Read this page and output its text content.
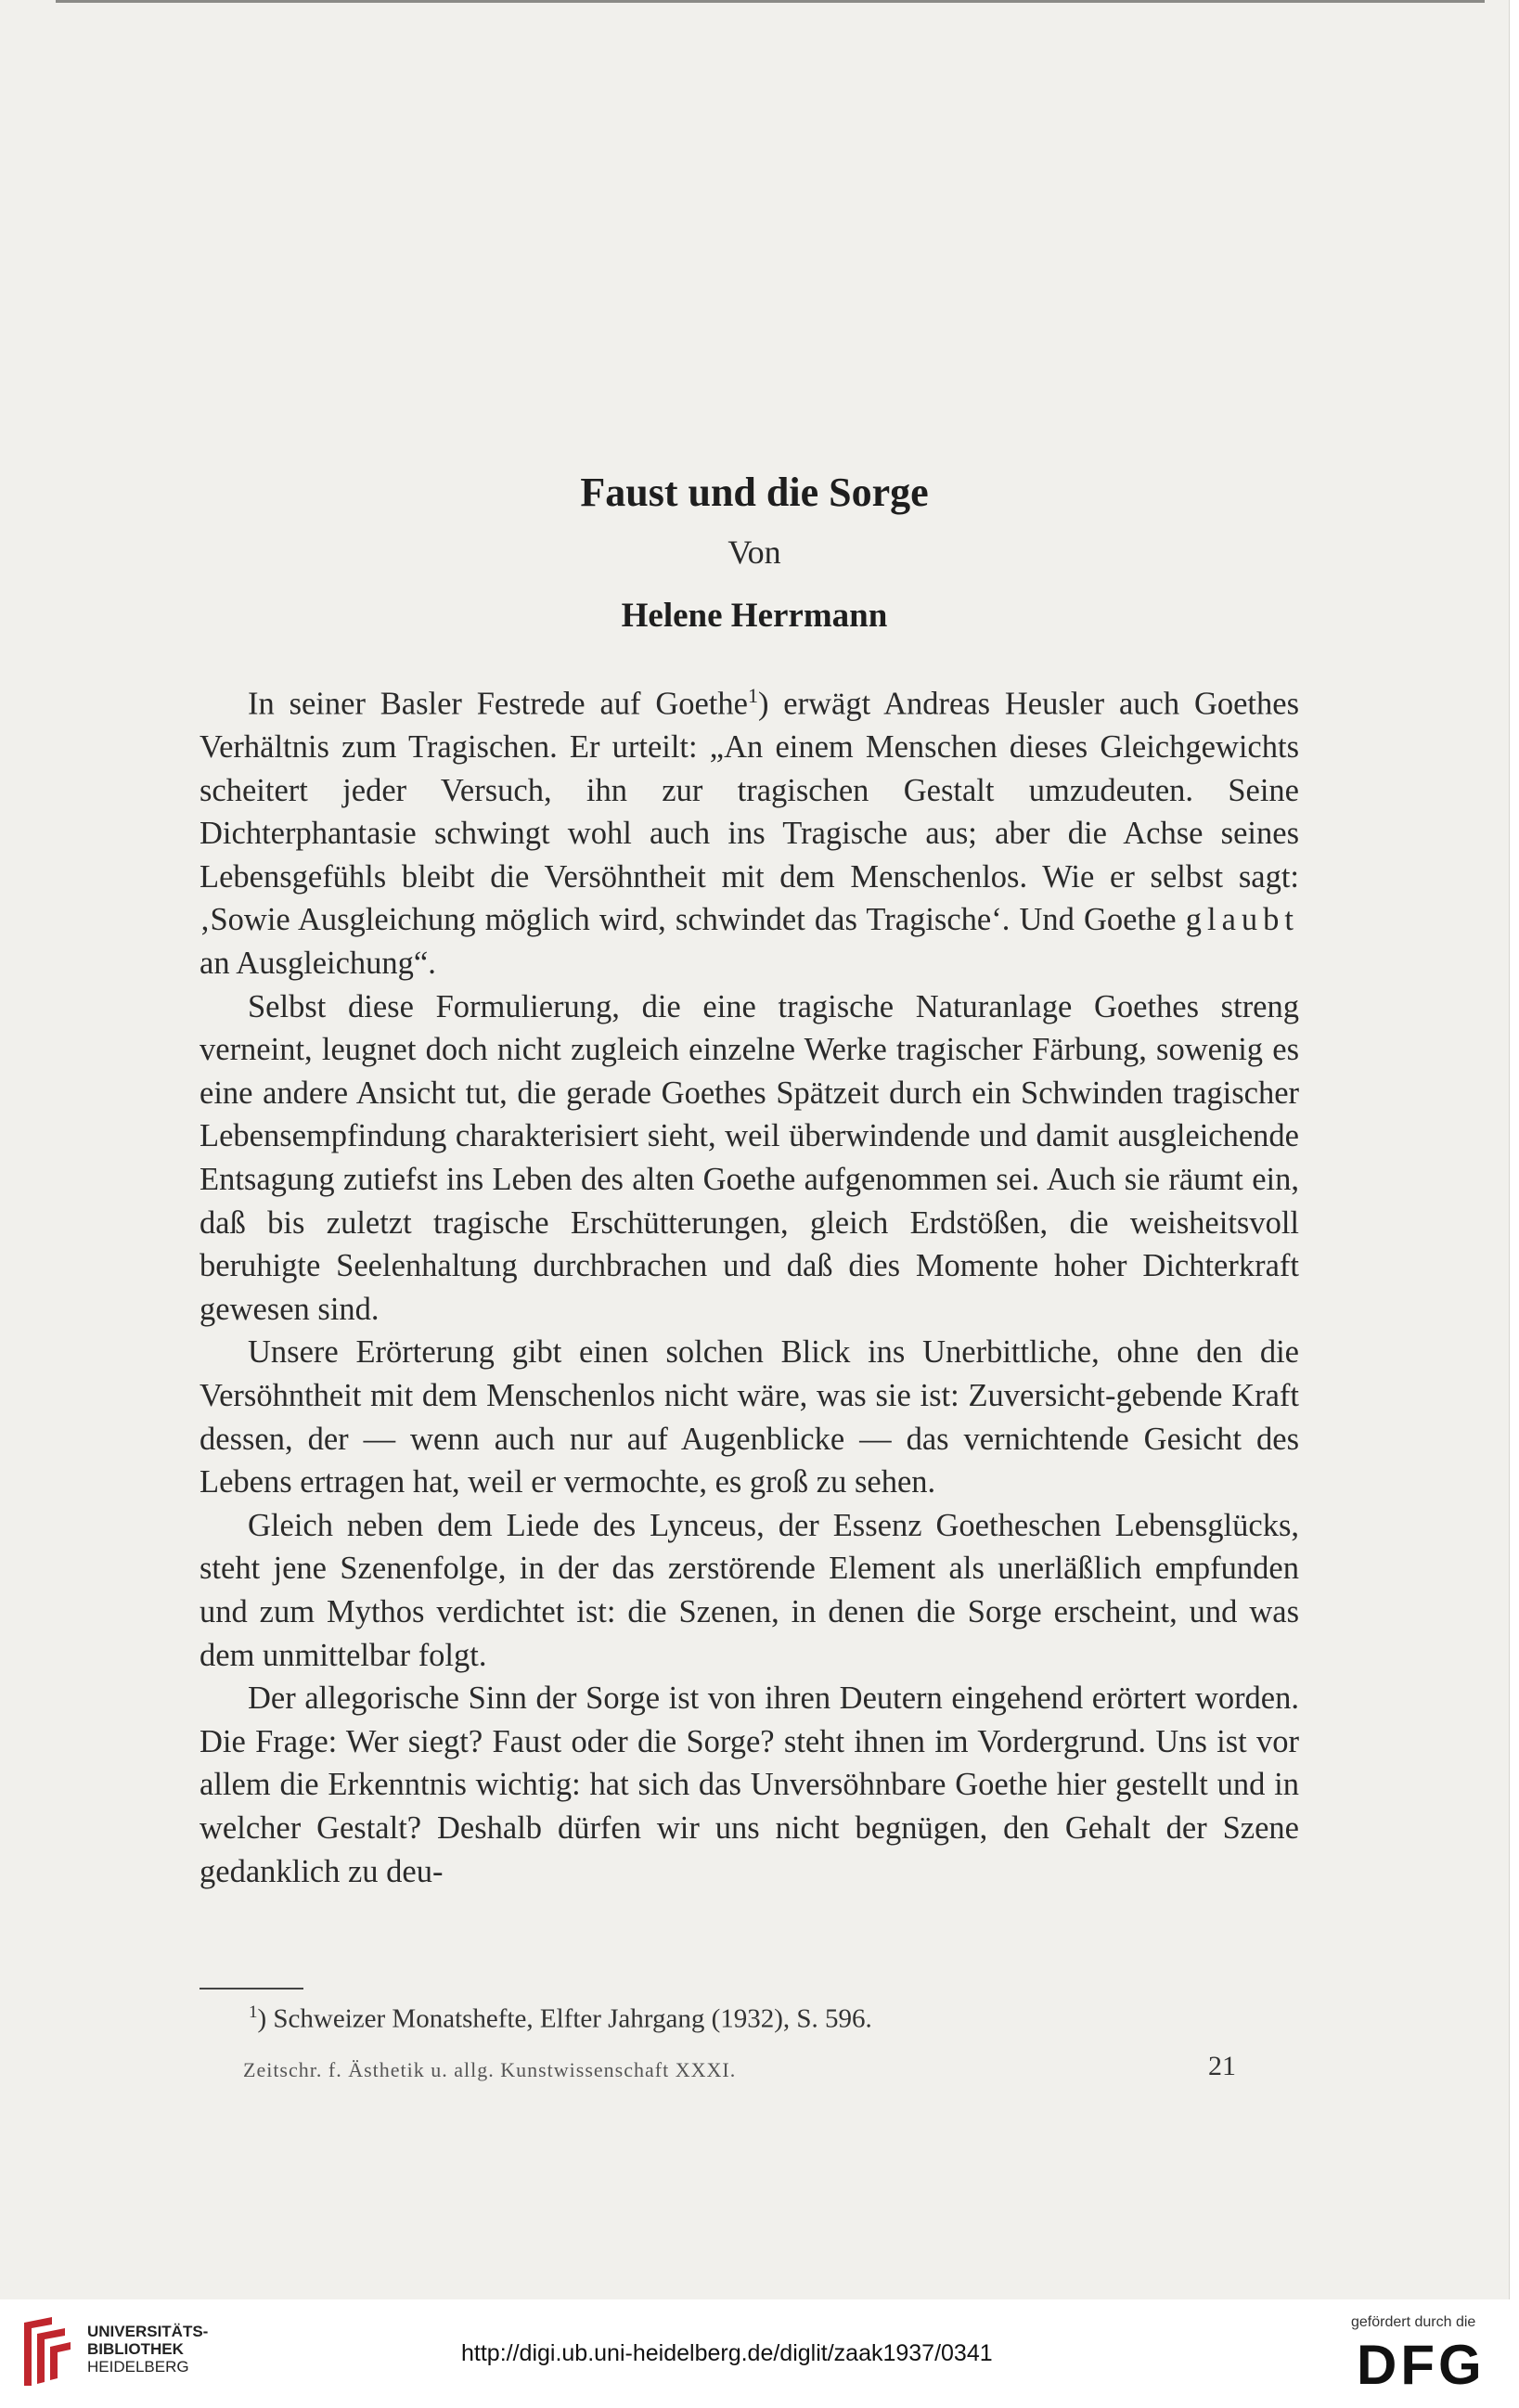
Faust und die Sorge
Von
Helene Herrmann

In seiner Basler Festrede auf Goethe$^1$) erwägt Andreas Heusler auch Goethes Verhältnis zum Tragischen. Er urteilt: „An einem Menschen dieses Gleichgewichts scheitert jeder Versuch, ihn zur tragischen Gestalt umzudeuten. Seine Dichterphantasie schwingt wohl auch ins Tragische aus; aber die Achse seines Lebensgefühls bleibt die Versöhntheit mit dem Menschenlos. Wie er selbst sagt: ‚Sowie Ausgleichung möglich wird, schwindet das Tragische‘. Und Goethe glaubt an Ausgleichung“.

Selbst diese Formulierung, die eine tragische Naturanlage Goethes streng verneint, leugnet doch nicht zugleich einzelne Werke tragischer Färbung, sowenig es eine andere Ansicht tut, die gerade Goethes Spätzeit durch ein Schwinden tragischer Lebensempfindung charakterisiert sieht, weil überwindende und damit ausgleichende Entsagung zutiefst ins Leben des alten Goethe aufgenommen sei. Auch sie räumt ein, daß bis zuletzt tragische Erschütterungen, gleich Erdstößen, die weisheitsvoll beruhigte Seelenhaltung durchbrachen und daß dies Momente hoher Dichterkraft gewesen sind.

Unsere Erörterung gibt einen solchen Blick ins Unerbittliche, ohne den die Versöhntheit mit dem Menschenlos nicht wäre, was sie ist: Zuversicht-gebende Kraft dessen, der — wenn auch nur auf Augenblicke — das vernichtende Gesicht des Lebens ertragen hat, weil er vermochte, es groß zu sehen.

Gleich neben dem Liede des Lynceus, der Essenz Goetheschen Lebensglücks, steht jene Szenenfolge, in der das zerstörende Element als unerläßlich empfunden und zum Mythos verdichtet ist: die Szenen, in denen die Sorge erscheint, und was dem unmittelbar folgt.

Der allegorische Sinn der Sorge ist von ihren Deutern eingehend erörtert worden. Die Frage: Wer siegt? Faust oder die Sorge? steht ihnen im Vordergrund. Uns ist vor allem die Erkenntnis wichtig: hat sich das Unversöhnbare Goethe hier gestellt und in welcher Gestalt? Deshalb dürfen wir uns nicht begnügen, den Gehalt der Szene gedanklich zu deu-

$^1$) Schweizer Monatshefte, Elfter Jahrgang (1932), S. 596.
Zeitschr. f. Ästhetik u. allg. Kunstwissenschaft XXXI.	21
UNIVERSITÄTS-
BIBLIOTHEK
HEIDELBERG
http://digi.ub.uni-heidelberg.de/diglit/zaak1937/0341
gefördert durch die
DFG
